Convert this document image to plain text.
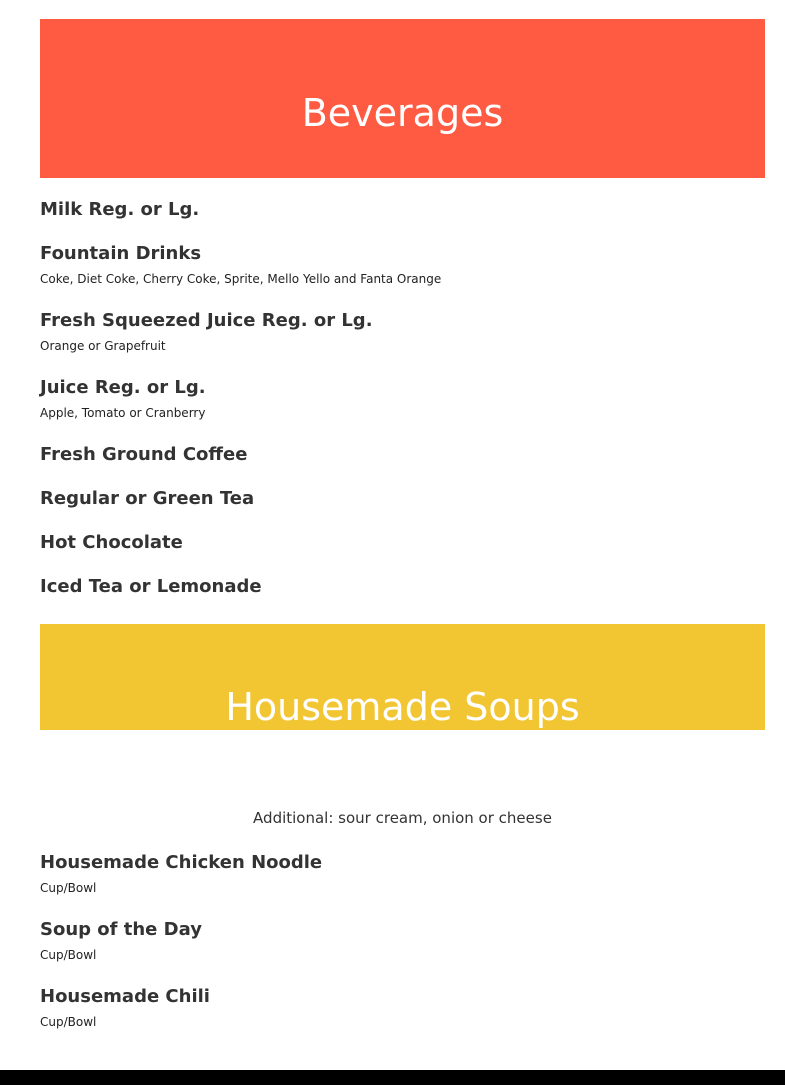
Beverages
Milk Reg. or Lg.
Fountain Drinks
Coke, Diet Coke, Cherry Coke, Sprite, Mello Yello and Fanta Orange
Fresh Squeezed Juice Reg. or Lg.
Orange or Grapefruit
Juice Reg. or Lg.
Apple, Tomato or Cranberry
Fresh Ground Coffee
Regular or Green Tea
Hot Chocolate
Iced Tea or Lemonade
Housemade Soups
Additional: sour cream, onion or cheese
Housemade Chicken Noodle
Cup/Bowl
Soup of the Day
Cup/Bowl
Housemade Chili
Cup/Bowl
